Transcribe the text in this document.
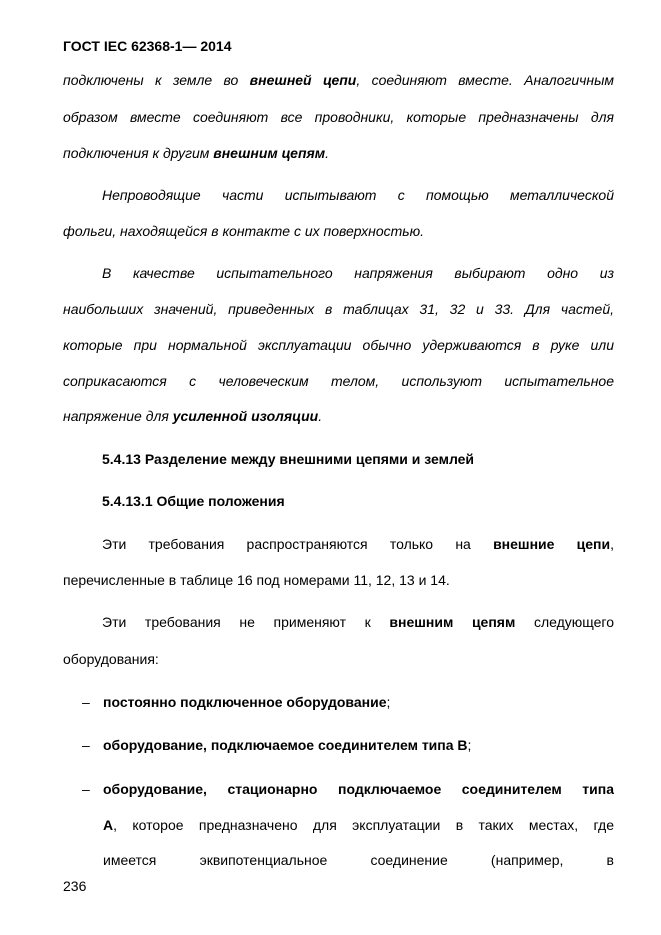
ГОСТ IEC 62368-1— 2014
подключены к земле во внешней цепи, соединяют вместе. Аналогичным
образом вместе соединяют все проводники, которые предназначены для
подключения к другим внешним цепям.
Непроводящие части испытывают с помощью металлической
фольги, находящейся в контакте с их поверхностью.
В качестве испытательного напряжения выбирают одно из
наибольших значений, приведенных в таблицах 31, 32 и 33. Для частей,
которые при нормальной эксплуатации обычно удерживаются в руке или
соприкасаются с человеческим телом, используют испытательное
напряжение для усиленной изоляции.
5.4.13 Разделение между внешними цепями и землей
5.4.13.1 Общие положения
Эти требования распространяются только на внешние цепи,
перечисленные в таблице 16 под номерами 11, 12, 13 и 14.
Эти требования не применяют к внешним цепям следующего
оборудования:
– постоянно подключенное оборудование;
– оборудование, подключаемое соединителем типа В;
– оборудование, стационарно подключаемое соединителем типа
А, которое предназначено для эксплуатации в таких местах, где
имеется эквипотенциальное соединение (например, в
236
